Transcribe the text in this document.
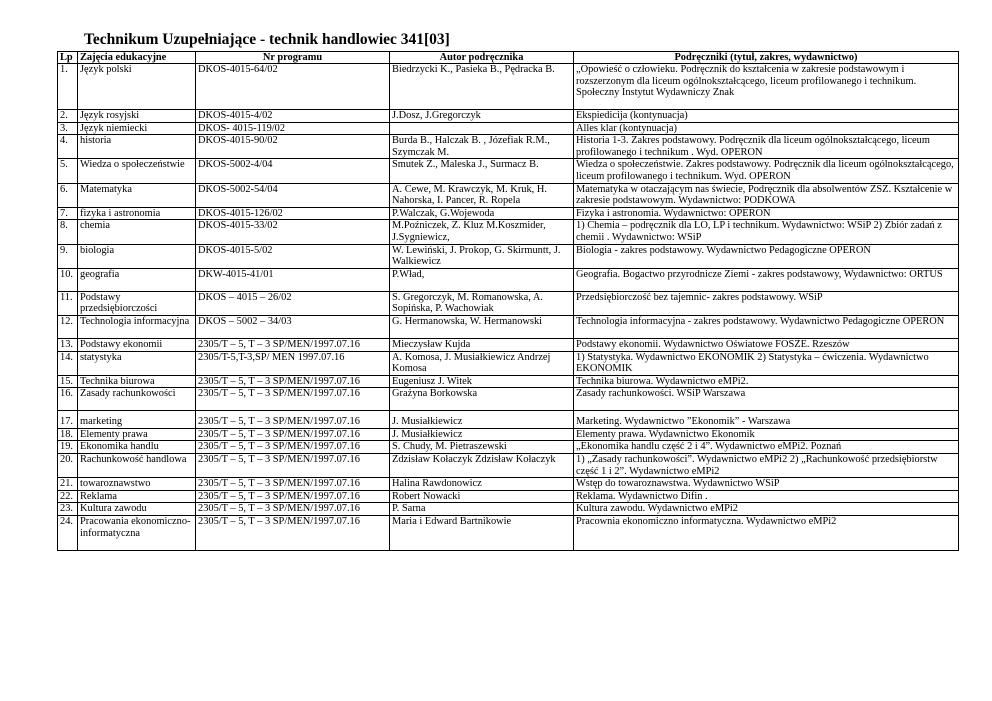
Technikum Uzupełniające - technik handlowiec 341[03]
Lp	Zajęcia edukacyjne	Nr programu	Autor podręcznika	Podręczniki (tytuł, zakres, wydawnictwo)
1.	Język polski	DKOS-4015-64/02	Biedrzycki K., Pasieka B., Pędracka B.	„Opowieść o człowieku. Podręcznik do kształcenia w zakresie podstawowym i rozszerzonym dla liceum ogólnokształcącego, liceum profilowanego i technikum. Społeczny Instytut Wydawniczy Znak
2.	Język rosyjski	DKOS-4015-4/02	J.Dosz, J.Gregorczyk	Ekspiedicija (kontynuacja)
3.	Język niemiecki	DKOS- 4015-119/02		Alles klar (kontynuacja)
4.	historia	DKOS-4015-90/02	Burda B., Halczak B. , Józefiak R.M., Szymczak M.	Historia 1-3. Zakres podstawowy. Podręcznik dla liceum ogólnokształcącego, liceum profilowanego i technikum . Wyd. OPERON
5.	Wiedza o społeczeństwie	DKOS-5002-4/04	Smutek Z., Maleska J., Surmacz B.	Wiedza o społeczeństwie. Zakres podstawowy. Podręcznik dla liceum ogólnokształcącego, liceum profilowanego i technikum. Wyd. OPERON
6.	Matematyka	DKOS-5002-54/04	A. Cewe, M. Krawczyk, M. Kruk, H. Nahorska, I. Pancer, R. Ropela	Matematyka w otaczającym nas świecie, Podręcznik dla absolwentów ZSZ. Kształcenie w zakresie podstawowym. Wydawnictwo: PODKOWA
7.	fizyka i astronomia	DKOS-4015-126/02	P.Walczak, G.Wojewoda	Fizyka i astronomia. Wydawnictwo: OPERON
8.	chemia	DKOS-4015-33/02	M.Poźniczek, Z. Kluz M.Koszmider, J.Sygniewicz,	1) Chemia – podręcznik dla LO, LP i technikum. Wydawnictwo: WSiP 2) Zbiór zadań z chemii . Wydawnictwo: WSiP
9.	biologia	DKOS-4015-5/02	W. Lewiński, J. Prokop, G. Skirmuntt, J. Walkiewicz	Biologia - zakres podstawowy. Wydawnictwo Pedagogiczne OPERON
10.	geografia	DKW-4015-41/01	P.Wład,	Geografia. Bogactwo przyrodnicze Ziemi - zakres podstawowy, Wydawnictwo: ORTUS
11.	Podstawy przedsiębiorczości	DKOS – 4015 – 26/02	S. Gregorczyk, M. Romanowska, A. Sopińska, P. Wachowiak	Przedsiębiorczość bez tajemnic- zakres podstawowy. WSiP
12.	Technologia informacyjna	DKOS – 5002 – 34/03	G. Hermanowska, W. Hermanowski	Technologia informacyjna - zakres podstawowy. Wydawnictwo Pedagogiczne OPERON
13.	Podstawy ekonomii	2305/T – 5, T – 3 SP/MEN/1997.07.16	Mieczysław Kujda	Podstawy ekonomii. Wydawnictwo Oświatowe FOSZE. Rzeszów
14.	statystyka	2305/T-5,T-3,SP/ MEN 1997.07.16	A. Komosa, J. Musiałkiewicz Andrzej Komosa	1) Statystyka. Wydawnictwo EKONOMIK 2) Statystyka – ćwiczenia. Wydawnictwo EKONOMIK
15.	Technika biurowa	2305/T – 5, T – 3 SP/MEN/1997.07.16	Eugeniusz J. Witek	Technika biurowa. Wydawnictwo eMPi2.
16.	Zasady rachunkowości	2305/T – 5, T – 3 SP/MEN/1997.07.16	Grażyna Borkowska	Zasady rachunkowości. WSiP Warszawa
17.	marketing	2305/T – 5, T – 3 SP/MEN/1997.07.16	J. Musiałkiewicz	Marketing. Wydawnictwo ”Ekonomik” - Warszawa
18.	Elementy prawa	2305/T – 5, T – 3 SP/MEN/1997.07.16	J. Musiałkiewicz	Elementy prawa. Wydawnictwo Ekonomik
19.	Ekonomika handlu	2305/T – 5, T – 3 SP/MEN/1997.07.16	S. Chudy, M. Pietraszewski	„Ekonomika handlu część 2 i 4”. Wydawnictwo eMPi2. Poznań
20.	Rachunkowość handlowa	2305/T – 5, T – 3 SP/MEN/1997.07.16	Zdzisław Kołaczyk Zdzisław Kołaczyk	1) „Zasady rachunkowości”. Wydawnictwo eMPi2 2) „Rachunkowość przedsiębiorstw część 1 i 2”. Wydawnictwo eMPi2
21.	towaroznawstwo	2305/T – 5, T – 3 SP/MEN/1997.07.16	Halina Rawdonowicz	Wstęp do towaroznawstwa. Wydawnictwo WSiP
22.	Reklama	2305/T – 5, T – 3 SP/MEN/1997.07.16	Robert Nowacki	Reklama. Wydawnictwo Difin .
23.	Kultura zawodu	2305/T – 5, T – 3 SP/MEN/1997.07.16	P. Sarna	Kultura zawodu. Wydawnictwo eMPi2
24.	Pracowania ekonomiczno-informatyczna	2305/T – 5, T – 3 SP/MEN/1997.07.16	Maria i Edward Bartnikowie	Pracownia ekonomiczno informatyczna. Wydawnictwo eMPi2
